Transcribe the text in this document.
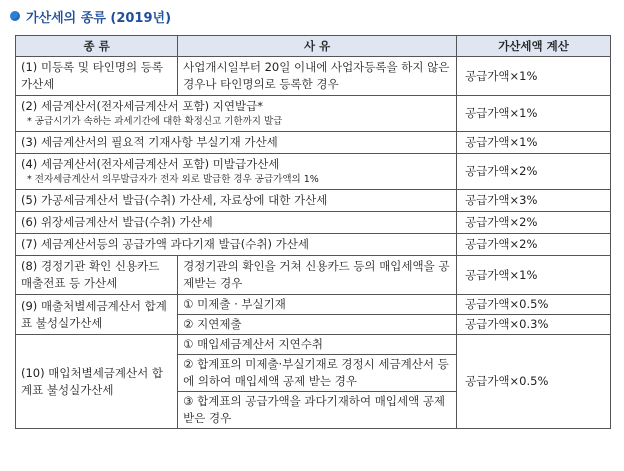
가산세의 종류 (2019년)
종 류	사 유	가산세액 계산
(1) 미등록 및 타인명의 등록 가산세	사업개시일부터 20일 이내에 사업자등록을 하지 않은 경우나 타인명의로 등록한 경우	공급가액×1%

(2) 세금계산서(전자세금계산서 포함) 지연발급*
* 공급시기가 속하는 과세기간에 대한 확정신고 기한까지 발급		공급가액×1%
(3) 세금계산서의 필요적 기재사항 부실기재 가산세		공급가액×1%

(4) 세금계산서(전자세금계산서 포함) 미발급가산세
* 전자세금계산서 의무발급자가 전자 외로 발급한 경우 공급가액의 1%		공급가액×2%
(5) 가공세금계산서 발급(수취) 가산세, 자료상에 대한 가산세		공급가액×3%
(6) 위장세금계산서 발급(수취) 가산세		공급가액×2%
(7) 세금계산서등의 공급가액 과다기재 발급(수취) 가산세		공급가액×2%
(8) 경정기관 확인 신용카드 매출전표 등 가산세	경정기관의 확인을 거쳐 신용카드 등의 매입세액을 공제받는 경우	공급가액×1%
(9) 매출처별세금계산서 합계표 불성실가산세	① 미제출 · 부실기재	공급가액×0.5%
	② 지연제출	공급가액×0.3%
(10) 매입처별세금계산서 합계표 불성실가산세	① 매입세금계산서 지연수취	공급가액×0.5%
	② 합계표의 미제출·부실기재로 경정시 세금계산서 등에 의하여 매입세액 공제 받는 경우	
	③ 합계표의 공급가액을 과다기재하여 매입세액 공제 받은 경우	
